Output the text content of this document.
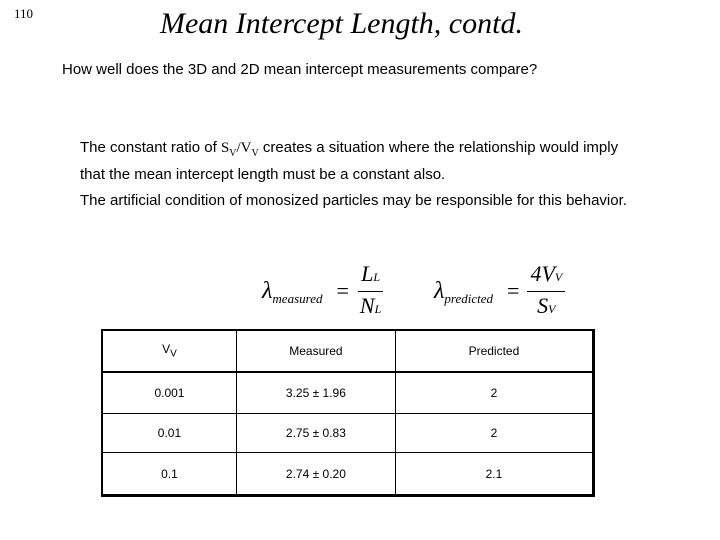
110	Mean Intercept Length, contd.
How well does the 3D and 2D mean intercept measurements compare?
The constant ratio of $S_V/V_V$ creates a situation where the relationship would imply that the mean intercept length must be a constant also.
The artificial condition of monosized particles may be responsible for this behavior.
λ measured = $\frac{LL}{NL}$ λ predicted = $\frac{4VV}{SV}$
$V_V$	Measured	Predicted
0.001	3.25 ± 1.96	2
0.01	2.75 ± 0.83	2
0.1	2.74 ± 0.20	2.1
